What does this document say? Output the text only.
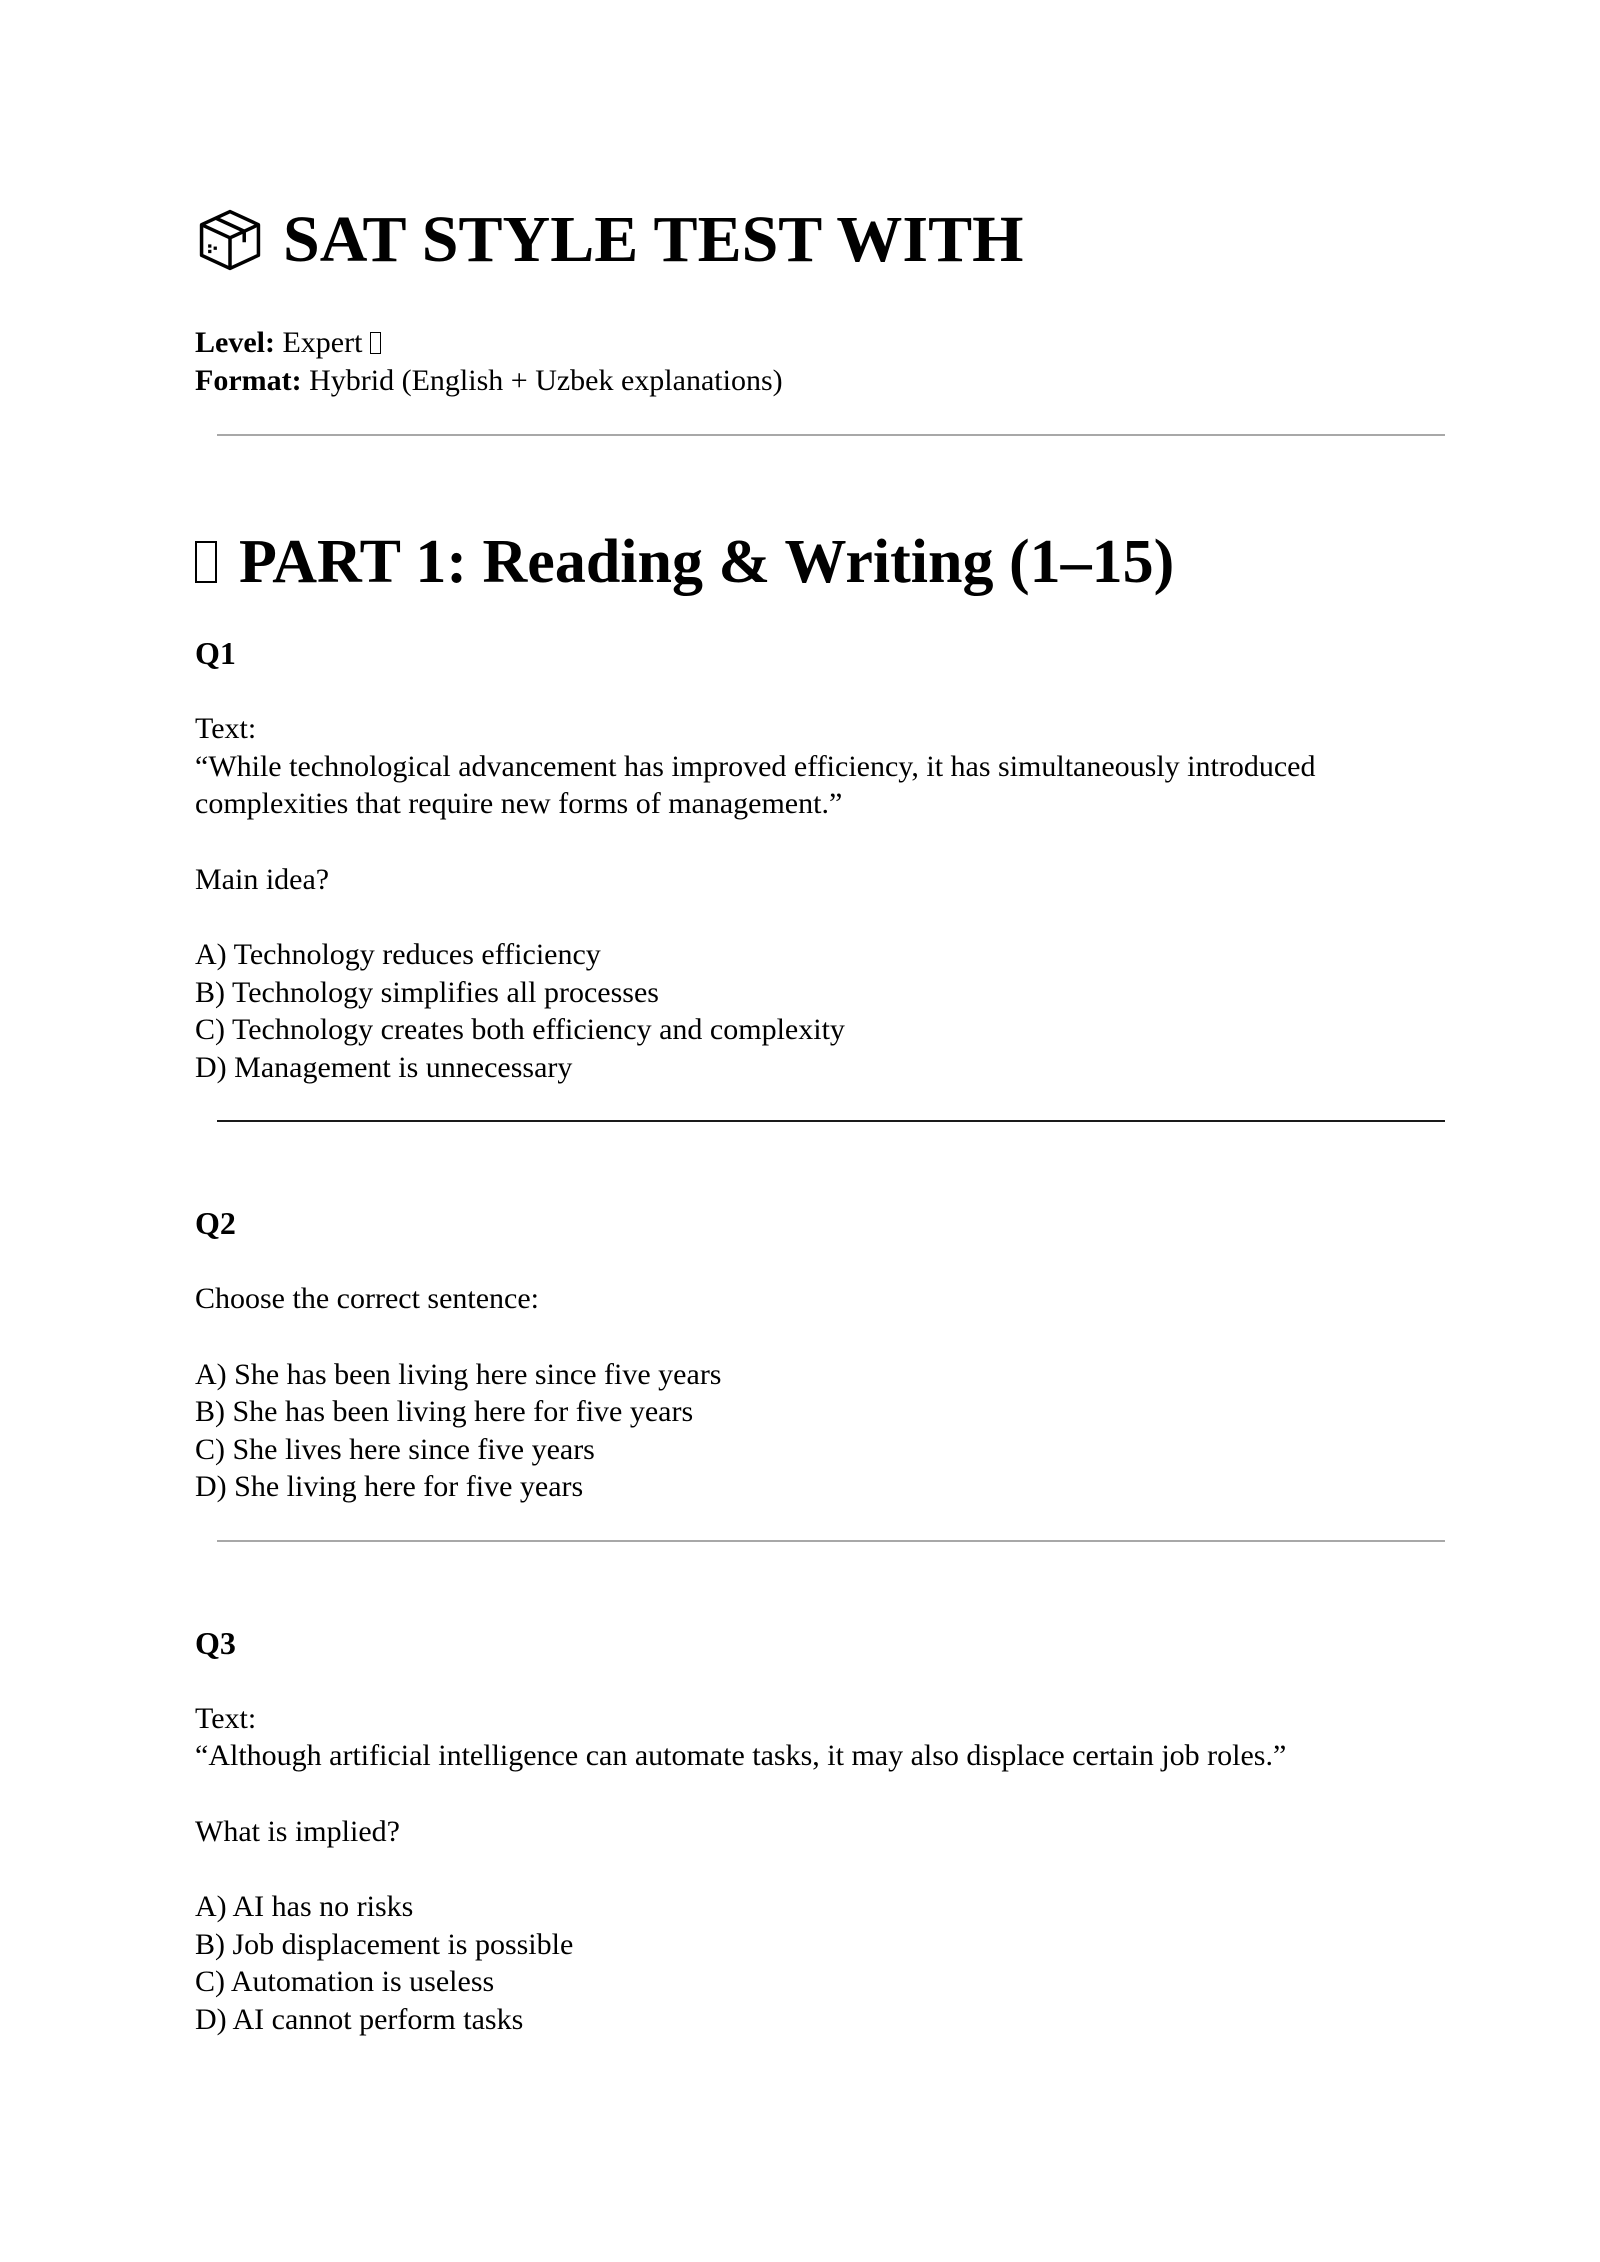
SAT STYLE TEST WITH
Level: Expert
Format: Hybrid (English + Uzbek explanations)
PART 1: Reading & Writing (1–15)
Q1

Text:

“While technological advancement has improved efficiency, it has simultaneously introduced complexities that require new forms of management.”

Main idea?

A) Technology reduces efficiency

B) Technology simplifies all processes

C) Technology creates both efficiency and complexity

D) Management is unnecessary

Q2

Choose the correct sentence:

A) She has been living here since five years

B) She has been living here for five years

C) She lives here since five years

D) She living here for five years

Q3

Text:

“Although artificial intelligence can automate tasks, it may also displace certain job roles.”

What is implied?

A) AI has no risks

B) Job displacement is possible

C) Automation is useless

D) AI cannot perform tasks
